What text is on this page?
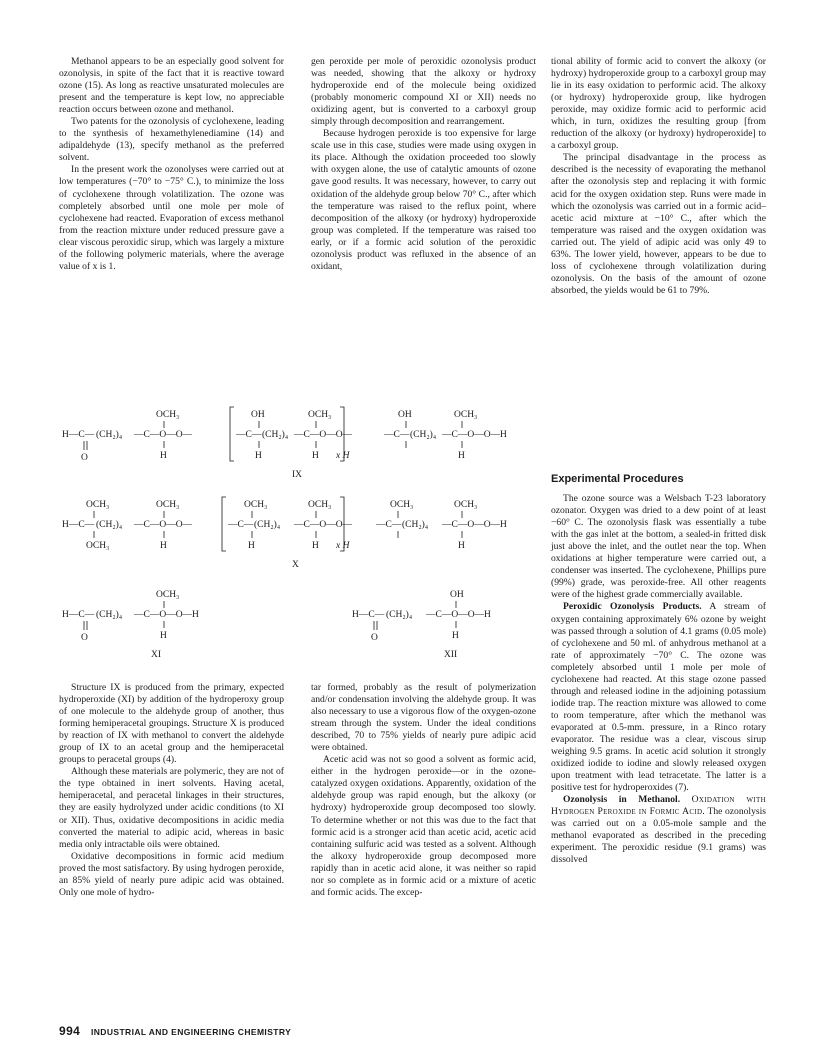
Methanol appears to be an especially good solvent for ozonolysis, in spite of the fact that it is reactive toward ozone (15). As long as reactive unsaturated molecules are present and the temperature is kept low, no appreciable reaction occurs between ozone and methanol.

Two patents for the ozonolysis of cyclohexene, leading to the synthesis of hexamethylenediamine (14) and adipaldehyde (13), specify methanol as the preferred solvent.

In the present work the ozonolyses were carried out at low temperatures (−70° to −75° C.), to minimize the loss of cyclohexene through volatilization. The ozone was completely absorbed until one mole per mole of cyclohexene had reacted. Evaporation of excess methanol from the reaction mixture under reduced pressure gave a clear viscous peroxidic sirup, which was largely a mixture of the following polymeric materials, where the average value of x is 1.

gen peroxide per mole of peroxidic ozonolysis product was needed, showing that the alkoxy or hydroxy hydroperoxide end of the molecule being oxidized (probably monomeric compound XI or XII) needs no oxidizing agent, but is converted to a carboxyl group simply through decomposition and rearrangement.

Because hydrogen peroxide is too expensive for large scale use in this case, studies were made using oxygen in its place. Although the oxidation proceeded too slowly with oxygen alone, the use of catalytic amounts of ozone gave good results. It was necessary, however, to carry out oxidation of the aldehyde group below 70° C., after which the temperature was raised to the reflux point, where decomposition of the alkoxy (or hydroxy) hydroperoxide group was completed. If the temperature was raised too early, or if a formic acid solution of the peroxidic ozonolysis product was refluxed in the absence of an oxidant,

tional ability of formic acid to convert the alkoxy (or hydroxy) hydroperoxide group to a carboxyl group may lie in its easy oxidation to performic acid. The alkoxy (or hydroxy) hydroperoxide group, like hydrogen peroxide, may oxidize formic acid to performic acid which, in turn, oxidizes the resulting group [from reduction of the alkoxy (or hydroxy) hydroperoxide] to a carboxyl group.

The principal disadvantage in the process as described is the necessity of evaporating the methanol after the ozonolysis step and replacing it with formic acid for the oxygen oxidation step. Runs were made in which the ozonolysis was carried out in a formic acid–acetic acid mixture at −10° C., after which the temperature was raised and the oxygen oxidation was carried out. The yield of adipic acid was only 49 to 63%. The lower yield, however, appears to be due to loss of cyclohexene through volatilization during ozonolysis. On the basis of the amount of ozone absorbed, the yields would be 61 to 79%.

OCH₃	OH	OCH₃	OH	OCH₃
H—C— (CH₂)₄ —C—O—O—	—C— (CH₂)₄ —C—O—O—	—C— (CH₂)₄ —C—O—O—H
O	H	H	H x H	H
IX
OCH₃	OCH₃	OCH₃	OCH₃	OCH₃	OCH₃
H—C— (CH₂)₄ —C—O—O—	—C— (CH₂)₄ —C—O—O—	—C— (CH₂)₄ —C—O—O—H
OCH₃	H	H	H x H	H
X
OCH₃
H—C— (CH₂)₄ —C—O—O—H
O	H
XI
OH
H—C— (CH₂)₄ —C—O—O—H
O	H
XII

Structure IX is produced from the primary, expected hydroperoxide (XI) by addition of the hydroperoxy group of one molecule to the aldehyde group of another, thus forming hemiperacetal groupings. Structure X is produced by reaction of IX with methanol to convert the aldehyde group of IX to an acetal group and the hemiperacetal groups to peracetal groups (4).

Although these materials are polymeric, they are not of the type obtained in inert solvents. Having acetal, hemiperacetal, and peracetal linkages in their structures, they are easily hydrolyzed under acidic conditions (to XI or XII). Thus, oxidative decompositions in acidic media converted the material to adipic acid, whereas in basic media only intractable oils were obtained.

Oxidative decompositions in formic acid medium proved the most satisfactory. By using hydrogen peroxide, an 85% yield of nearly pure adipic acid was obtained. Only one mole of hydro-

tar formed, probably as the result of polymerization and/or condensation involving the aldehyde group. It was also necessary to use a vigorous flow of the oxygen-ozone stream through the system. Under the ideal conditions described, 70 to 75% yields of nearly pure adipic acid were obtained.

Acetic acid was not so good a solvent as formic acid, either in the hydrogen peroxide—or in the ozone-catalyzed oxygen oxidations. Apparently, oxidation of the aldehyde group was rapid enough, but the alkoxy (or hydroxy) hydroperoxide group decomposed too slowly. To determine whether or not this was due to the fact that formic acid is a stronger acid than acetic acid, acetic acid containing sulfuric acid was tested as a solvent. Although the alkoxy hydroperoxide group decomposed more rapidly than in acetic acid alone, it was neither so rapid nor so complete as in formic acid or a mixture of acetic and formic acids. The excep-

Experimental Procedures

The ozone source was a Welsbach T-23 laboratory ozonator. Oxygen was dried to a dew point of at least −60° C. The ozonolysis flask was essentially a tube with the gas inlet at the bottom, a sealed-in fritted disk just above the inlet, and the outlet near the top. When oxidations at higher temperature were carried out, a condenser was inserted. The cyclohexene, Phillips pure (99%) grade, was peroxide-free. All other reagents were of the highest grade commercially available.

Peroxidic Ozonolysis Products. A stream of oxygen containing approximately 6% ozone by weight was passed through a solution of 4.1 grams (0.05 mole) of cyclohexene and 50 ml. of anhydrous methanol at a rate of approximately −70° C. The ozone was completely absorbed until 1 mole per mole of cyclohexene had reacted. At this stage ozone passed through and released iodine in the adjoining potassium iodide trap. The reaction mixture was allowed to come to room temperature, after which the methanol was evaporated at 0.5-mm. pressure, in a Rinco rotary evaporator. The residue was a clear, viscous sirup weighing 9.5 grams. In acetic acid solution it strongly oxidized iodide to iodine and slowly released oxygen upon treatment with lead tetracetate. The latter is a positive test for hydroperoxides (7).

Ozonolysis in Methanol. Oxidation with Hydrogen Peroxide in Formic Acid. The ozonolysis was carried out on a 0.05-mole sample and the methanol evaporated as described in the preceding experiment. The peroxidic residue (9.1 grams) was dissolved

994 INDUSTRIAL AND ENGINEERING CHEMISTRY
